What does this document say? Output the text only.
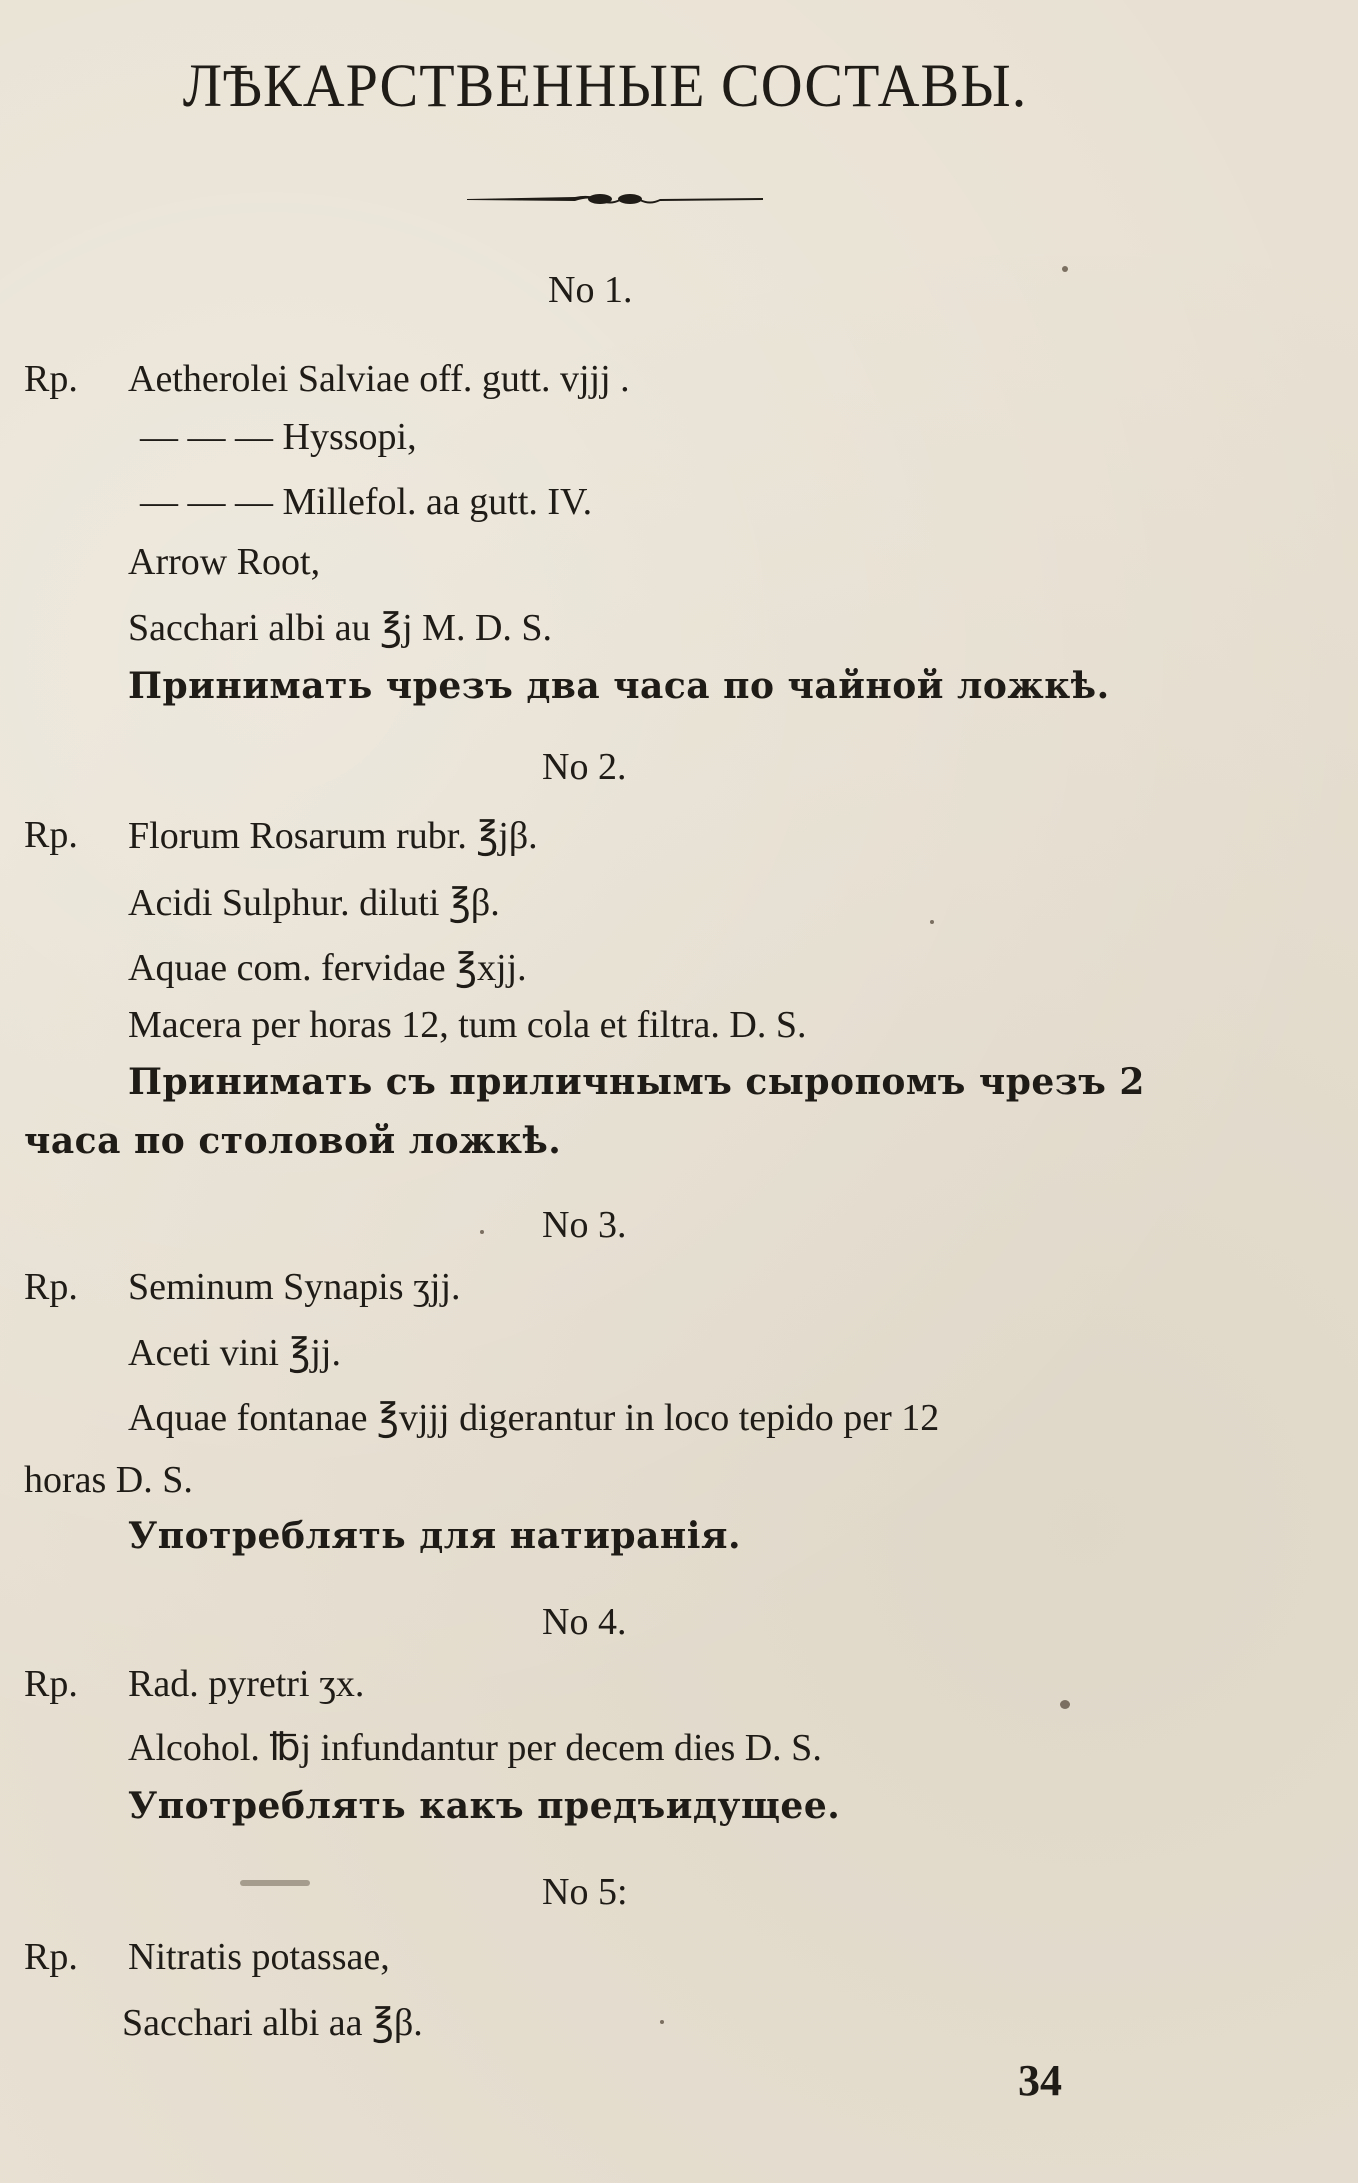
ЛѢКАРСТВЕННЫЕ СОСТАВЫ.
No 1.
Rp. Aetherolei Salviae off. gutt. vjjj .
— — — Hyssopi,
— — — Millefol. aa gutt. IV.
Arrow Root,
Sacchari albi au ℥j M. D. S.
Принимать чрезъ два часа по чайной ложкѣ.
No 2.
Rp. Florum Rosarum rubr. ℥jβ.
Acidi Sulphur. diluti ℥β.
Aquae com. fervidae ℥xjj.
Macera per horas 12, tum cola et filtra. D. S.
Принимать съ приличнымъ сыропомъ чрезъ 2
часа по столовой ложкѣ.
No 3.
Rp. Seminum Synapis ʒjj.
Aceti vini ℥jj.
Aquae fontanae ℥vjjj digerantur in loco tepido per 12
horas D. S.
Употреблять для натиранія.
No 4.
Rp. Rad. pyretri ʒx.
Alcohol. ℔j infundantur per decem dies D. S.
Употреблять какъ предъидущее.
No 5:
Rp. Nitratis potassae,
Sacchari albi aa ℥β.
34
